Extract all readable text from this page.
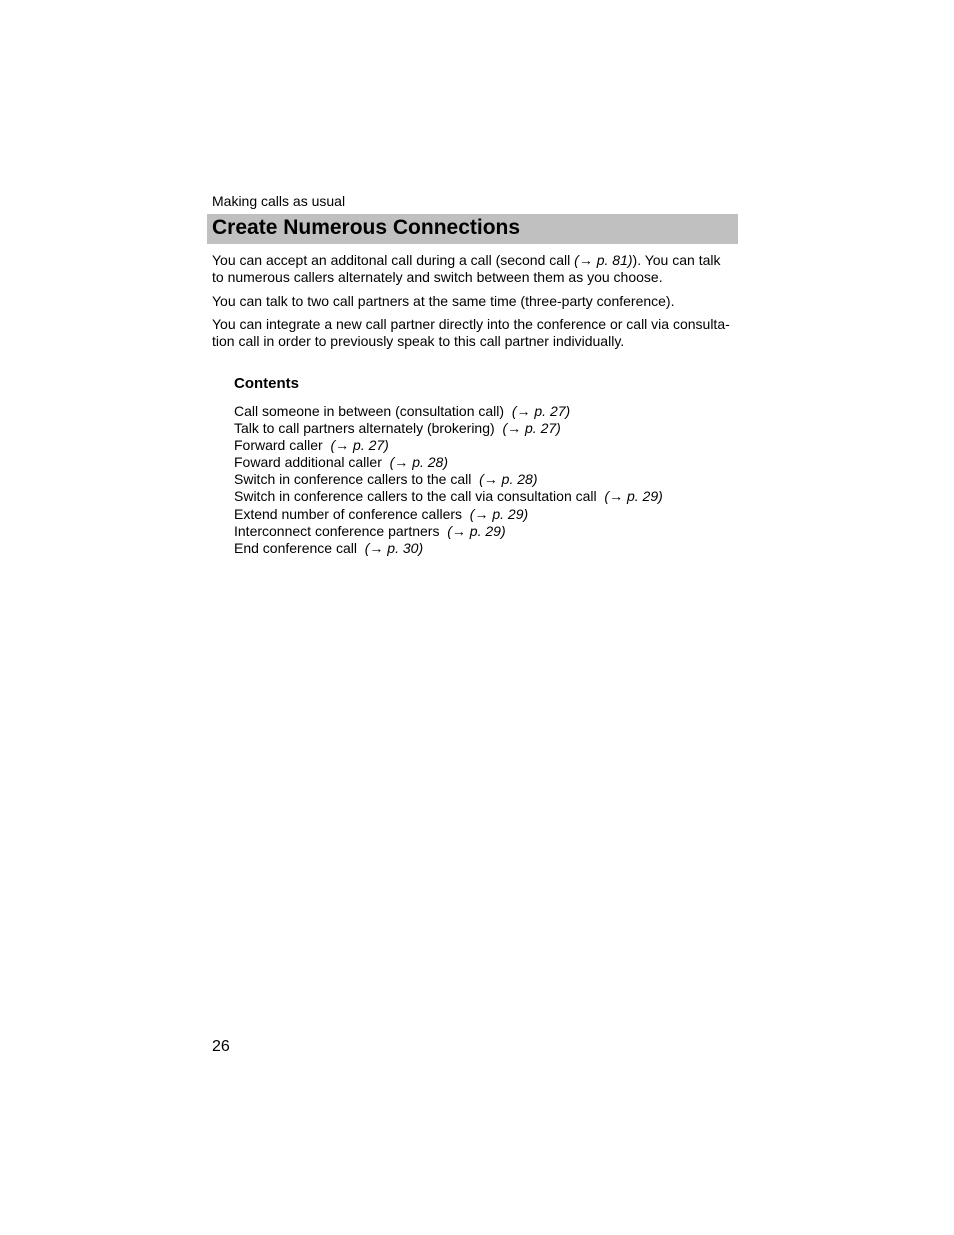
Making calls as usual
Create Numerous Connections
You can accept an additonal call during a call (second call (→ p. 81)). You can talk to numerous callers alternately and switch between them as you choose.
You can talk to two call partners at the same time (three-party conference).
You can integrate a new call partner directly into the conference or call via consulta-tion call in order to previously speak to this call partner individually.
Contents
Call someone in between (consultation call) (→ p. 27)
Talk to call partners alternately (brokering) (→ p. 27)
Forward caller (→ p. 27)
Foward additional caller (→ p. 28)
Switch in conference callers to the call (→ p. 28)
Switch in conference callers to the call via consultation call (→ p. 29)
Extend number of conference callers (→ p. 29)
Interconnect conference partners (→ p. 29)
End conference call (→ p. 30)
26
